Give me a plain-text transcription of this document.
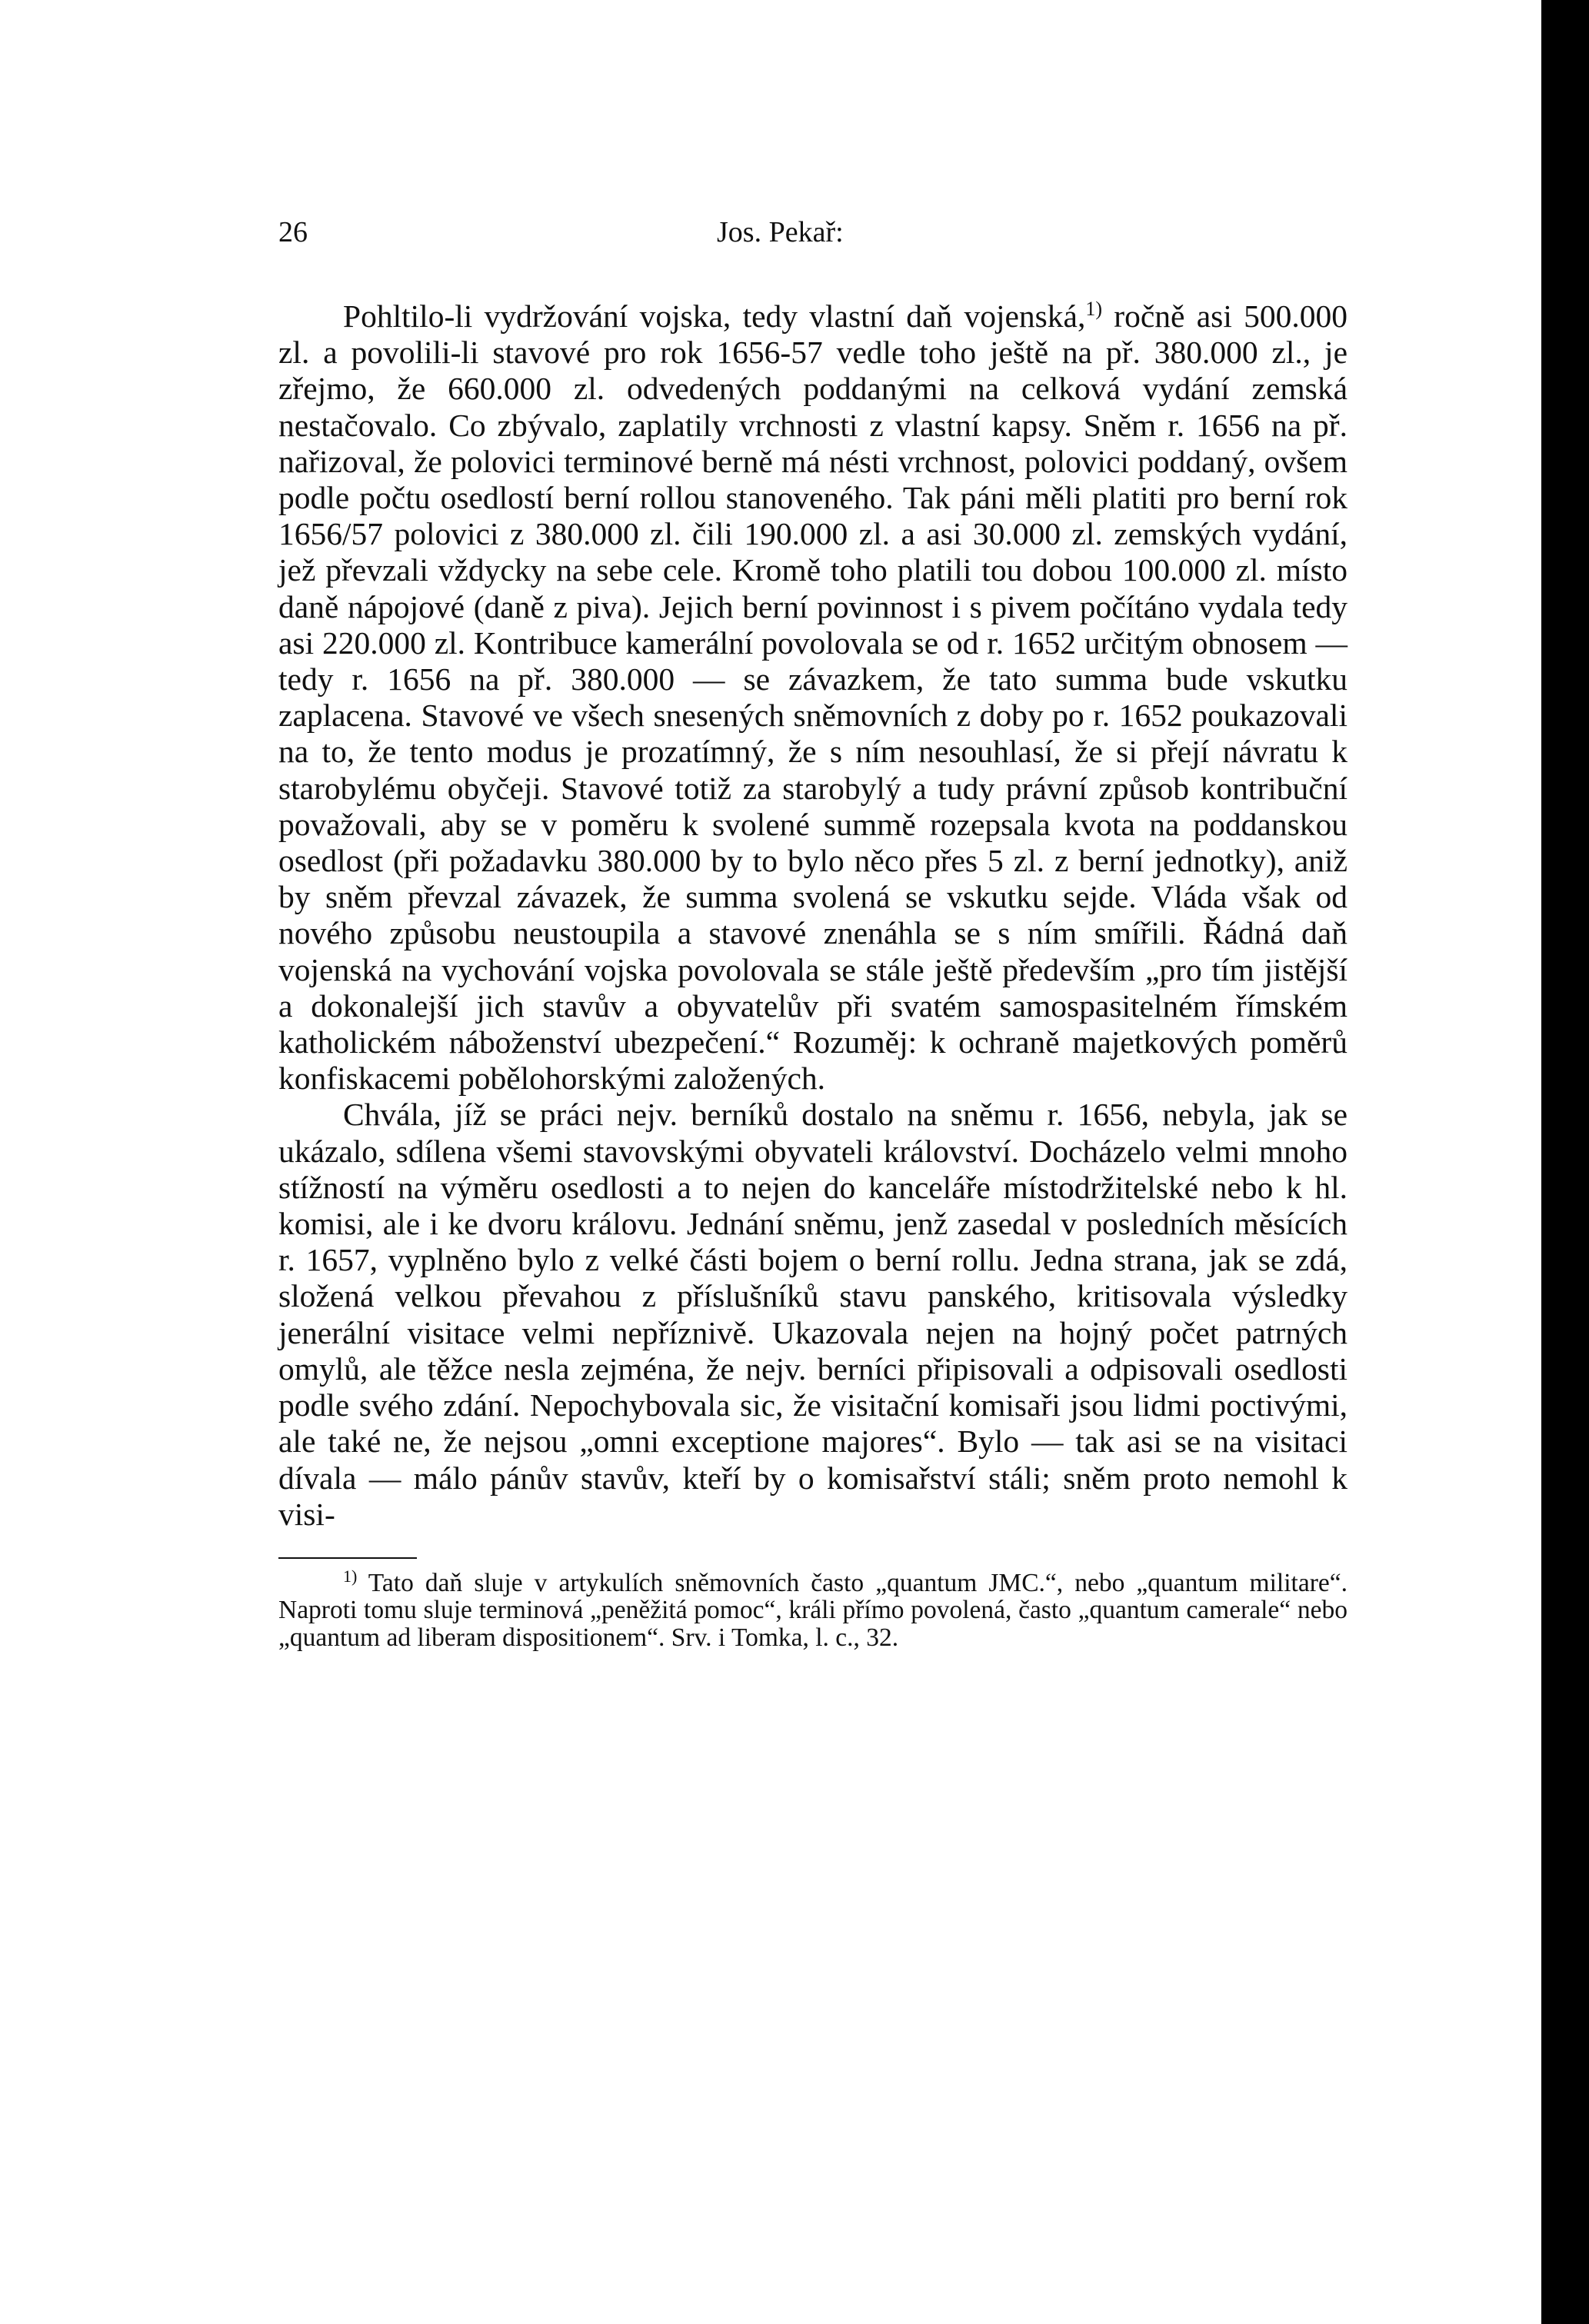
26	Jos. Pekař:

Pohltilo-li vydržování vojska, tedy vlastní daň vojenská,$^{1)}$ ročně asi 500.000 zl. a povolili-li stavové pro rok 1656-57 vedle toho ještě na př. 380.000 zl., je zřejmo, že 660.000 zl. odvedených poddanými na celková vydání zemská nestačovalo. Co zbývalo, zaplatily vrchnosti z vlastní kapsy. Sněm r. 1656 na př. nařizoval, že polovici terminové berně má nésti vrchnost, polovici poddaný, ovšem podle počtu osedlostí berní rollou stanoveného. Tak páni měli platiti pro berní rok 1656/57 polovici z 380.000 zl. čili 190.000 zl. a asi 30.000 zl. zemských vydání, jež převzali vždycky na sebe cele. Kromě toho platili tou dobou 100.000 zl. místo daně nápojové (daně z piva). Jejich berní povinnost i s pivem počítáno vydala tedy asi 220.000 zl. Kontribuce kamerální povolovala se od r. 1652 určitým obnosem — tedy r. 1656 na př. 380.000 — se závazkem, že tato summa bude vskutku zaplacena. Stavové ve všech snesených sněmovních z doby po r. 1652 poukazovali na to, že tento modus je prozatímný, že s ním nesouhlasí, že si přejí návratu k starobylému obyčeji. Stavové totiž za starobylý a tudy právní způsob kontribuční považovali, aby se v poměru k svolené summě rozepsala kvota na poddanskou osedlost (při požadavku 380.000 by to bylo něco přes 5 zl. z berní jednotky), aniž by sněm převzal závazek, že summa svolená se vskutku sejde. Vláda však od nového způsobu neustoupila a stavové znenáhla se s ním smířili. Řádná daň vojenská na vychování vojska povolovala se stále ještě především „pro tím jistější a dokonalejší jich stavův a obyvatelův při svatém samospasitelném římském katholickém náboženství ubezpečení.“ Rozuměj: k ochraně majetkových poměrů konfiskacemi pobělohorskými založených.

Chvála, jíž se práci nejv. berníků dostalo na sněmu r. 1656, nebyla, jak se ukázalo, sdílena všemi stavovskými obyvateli království. Docházelo velmi mnoho stížností na výměru osedlosti a to nejen do kanceláře místodržitelské nebo k hl. komisi, ale i ke dvoru královu. Jednání sněmu, jenž zasedal v posledních měsících r. 1657, vyplněno bylo z velké části bojem o berní rollu. Jedna strana, jak se zdá, složená velkou převahou z příslušníků stavu panského, kritisovala výsledky jenerální visitace velmi nepříznivě. Ukazovala nejen na hojný počet patrných omylů, ale těžce nesla zejména, že nejv. berníci připisovali a odpisovali osedlosti podle svého zdání. Nepochybovala sic, že visitační komisaři jsou lidmi poctivými, ale také ne, že nejsou „omni exceptione majores“. Bylo — tak asi se na visitaci dívala — málo pánův stavův, kteří by o komisařství stáli; sněm proto nemohl k visi-

$^{1)}$ Tato daň sluje v artykulích sněmovních často „quantum JMC.“, nebo „quantum militare“. Naproti tomu sluje terminová „peněžitá pomoc“, králi přímo povolená, často „quantum camerale“ nebo „quantum ad liberam dispositionem“. Srv. i Tomka, l. c., 32.
